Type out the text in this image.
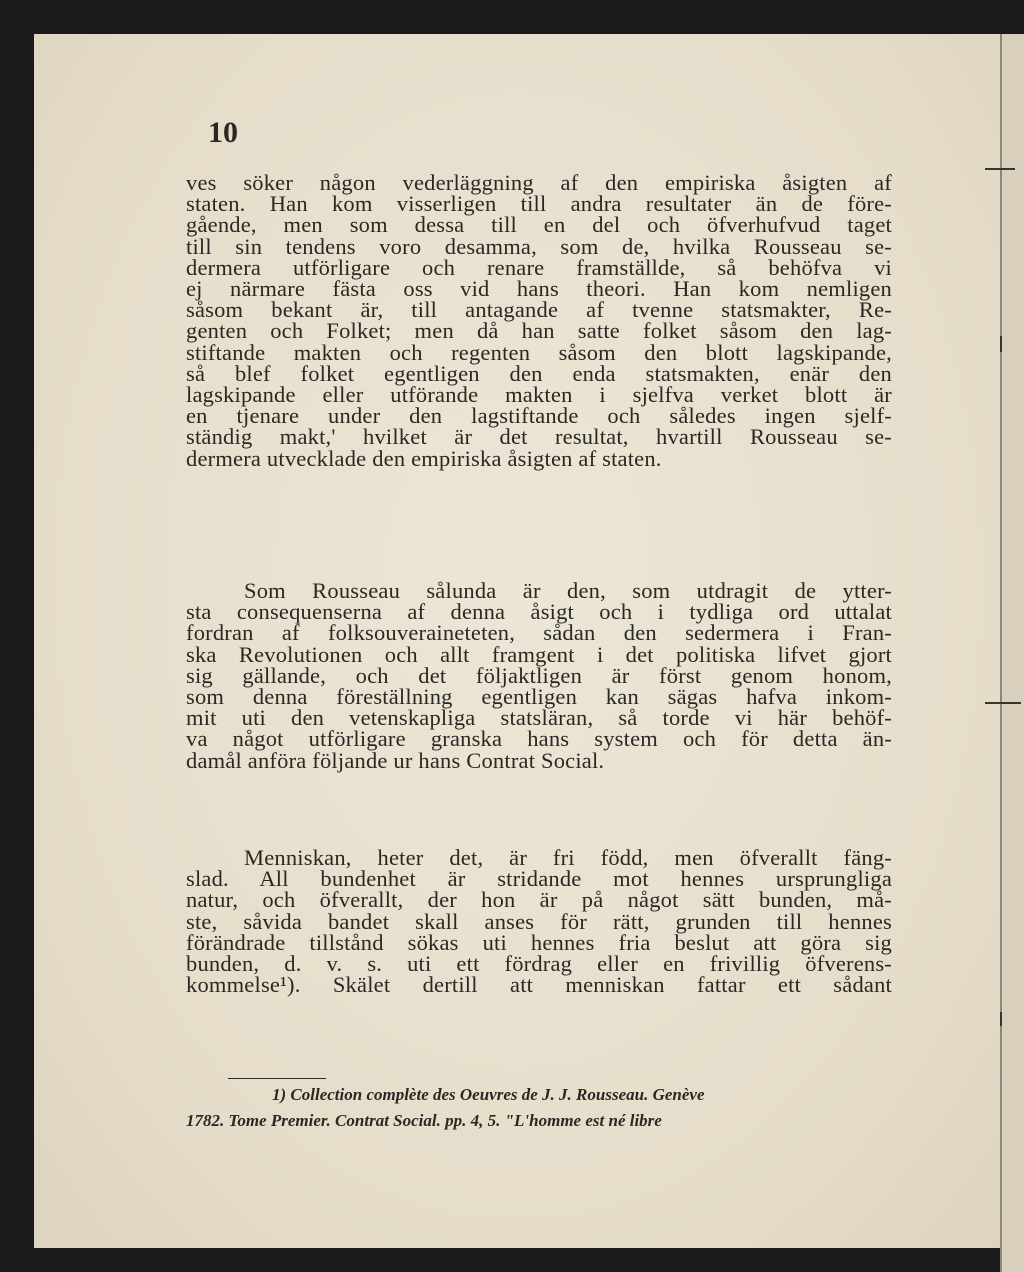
10
ves söker någon vederläggning af den empiriska åsigten af
staten. Han kom visserligen till andra resultater än de före-
gående, men som dessa till en del och öfverhufvud taget
till sin tendens voro desamma, som de, hvilka Rousseau se-
dermera utförligare och renare framställde, så behöfva vi
ej närmare fästa oss vid hans theori. Han kom nemligen
såsom bekant är, till antagande af tvenne statsmakter, Re-
genten och Folket; men då han satte folket såsom den lag-
stiftande makten och regenten såsom den blott lagskipande,
så blef folket egentligen den enda statsmakten, enär den
lagskipande eller utförande makten i sjelfva verket blott är
en tjenare under den lagstiftande och således ingen sjelf-
ständig makt,' hvilket är det resultat, hvartill Rousseau se-
dermera utvecklade den empiriska åsigten af staten.
Som Rousseau sålunda är den, som utdragit de ytter-
sta consequenserna af denna åsigt och i tydliga ord uttalat
fordran af folksouveraineteten, sådan den sedermera i Fran-
ska Revolutionen och allt framgent i det politiska lifvet gjort
sig gällande, och det följaktligen är först genom honom,
som denna föreställning egentligen kan sägas hafva inkom-
mit uti den vetenskapliga statsläran, så torde vi här behöf-
va något utförligare granska hans system och för detta än-
damål anföra följande ur hans Contrat Social.
Menniskan, heter det, är fri född, men öfverallt fäng-
slad. All bundenhet är stridande mot hennes ursprungliga
natur, och öfverallt, der hon är på något sätt bunden, må-
ste, såvida bandet skall anses för rätt, grunden till hennes
förändrade tillstånd sökas uti hennes fria beslut att göra sig
bunden, d. v. s. uti ett fördrag eller en frivillig öfverens-
kommelse¹). Skälet dertill att menniskan fattar ett sådant
1) Collection complète des Oeuvres de J. J. Rousseau. Genève
1782. Tome Premier. Contrat Social. pp. 4, 5. "L'homme est né libre
